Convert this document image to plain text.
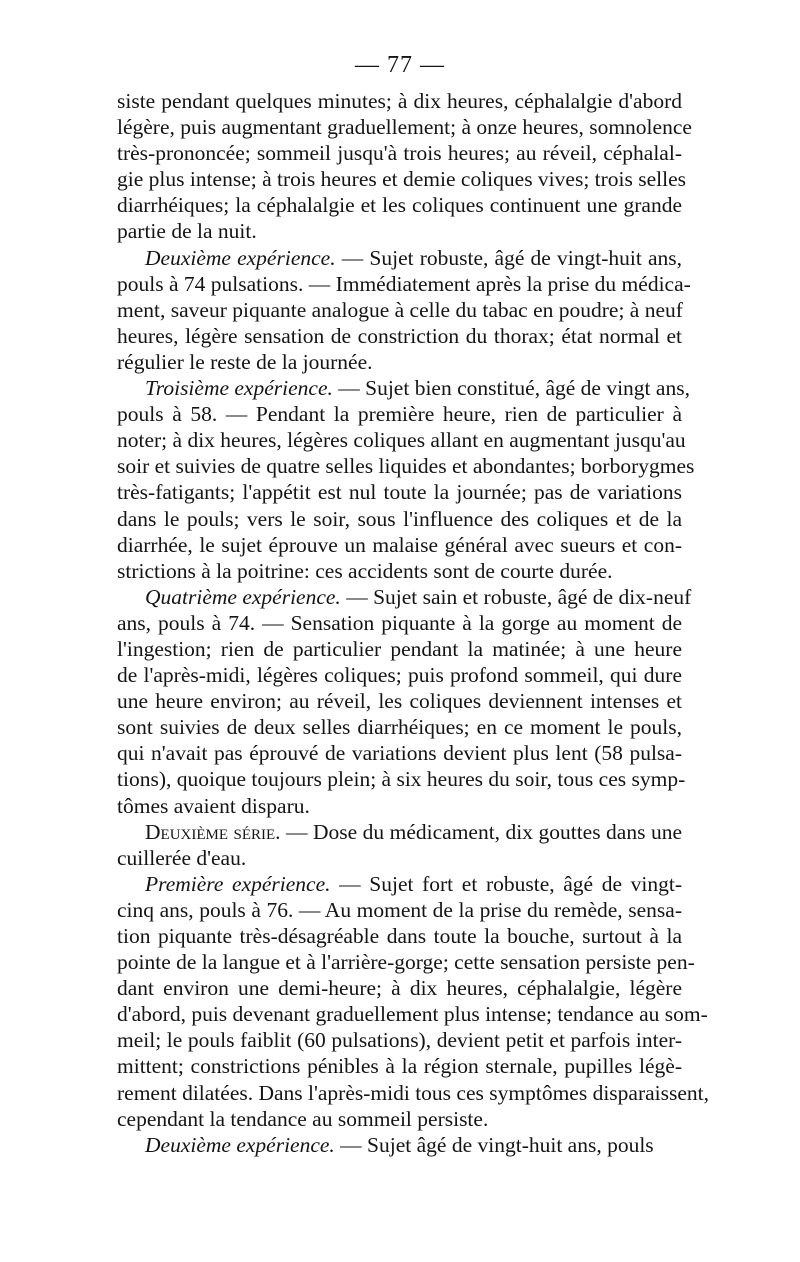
— 77 —
siste pendant quelques minutes; à dix heures, céphalalgie d'abord
légère, puis augmentant graduellement; à onze heures, somnolence
très-prononcée; sommeil jusqu'à trois heures; au réveil, céphalal-
gie plus intense; à trois heures et demie coliques vives; trois selles
diarrhéiques; la céphalalgie et les coliques continuent une grande
partie de la nuit.
Deuxième expérience. — Sujet robuste, âgé de vingt-huit ans,
pouls à 74 pulsations. — Immédiatement après la prise du médica-
ment, saveur piquante analogue à celle du tabac en poudre; à neuf
heures, légère sensation de constriction du thorax; état normal et
régulier le reste de la journée.
Troisième expérience. — Sujet bien constitué, âgé de vingt ans,
pouls à 58. — Pendant la première heure, rien de particulier à
noter; à dix heures, légères coliques allant en augmentant jusqu'au
soir et suivies de quatre selles liquides et abondantes; borborygmes
très-fatigants; l'appétit est nul toute la journée; pas de variations
dans le pouls; vers le soir, sous l'influence des coliques et de la
diarrhée, le sujet éprouve un malaise général avec sueurs et con-
strictions à la poitrine: ces accidents sont de courte durée.
Quatrième expérience. — Sujet sain et robuste, âgé de dix-neuf
ans, pouls à 74. — Sensation piquante à la gorge au moment de
l'ingestion; rien de particulier pendant la matinée; à une heure
de l'après-midi, légères coliques; puis profond sommeil, qui dure
une heure environ; au réveil, les coliques deviennent intenses et
sont suivies de deux selles diarrhéiques; en ce moment le pouls,
qui n'avait pas éprouvé de variations devient plus lent (58 pulsa-
tions), quoique toujours plein; à six heures du soir, tous ces symp-
tômes avaient disparu.
Deuxième série. — Dose du médicament, dix gouttes dans une
cuillerée d'eau.
Première expérience. — Sujet fort et robuste, âgé de vingt-
cinq ans, pouls à 76. — Au moment de la prise du remède, sensa-
tion piquante très-désagréable dans toute la bouche, surtout à la
pointe de la langue et à l'arrière-gorge; cette sensation persiste pen-
dant environ une demi-heure; à dix heures, céphalalgie, légère
d'abord, puis devenant graduellement plus intense; tendance au som-
meil; le pouls faiblit (60 pulsations), devient petit et parfois inter-
mittent; constrictions pénibles à la région sternale, pupilles légè-
rement dilatées. Dans l'après-midi tous ces symptômes disparaissent,
cependant la tendance au sommeil persiste.
Deuxième expérience. — Sujet âgé de vingt-huit ans, pouls
